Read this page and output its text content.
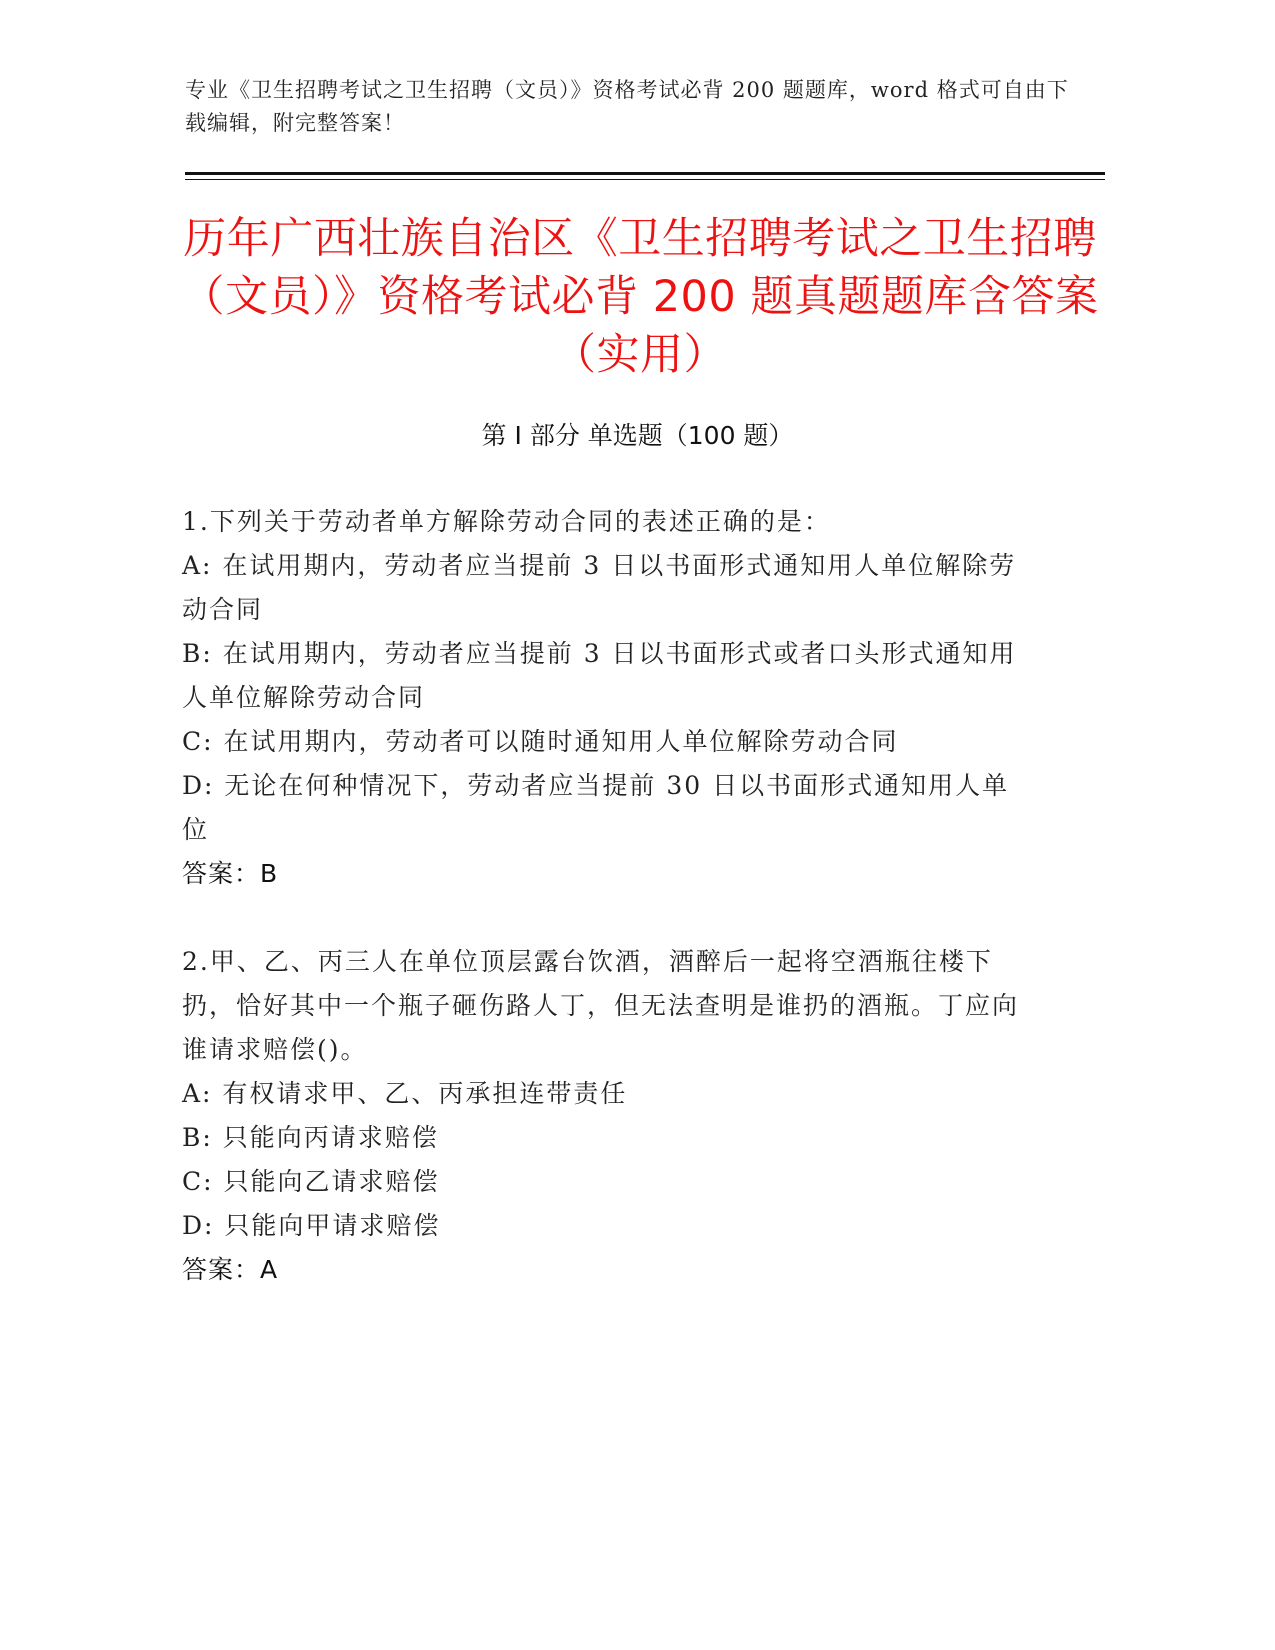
专业《卫生招聘考试之卫生招聘（文员）》资格考试必背 200 题题库，word 格式可自由下载编辑，附完整答案！
历年广西壮族自治区《卫生招聘考试之卫生招聘（文员）》资格考试必背 200 题真题题库含答案（实用）
第 I 部分 单选题（100 题）
1.下列关于劳动者单方解除劳动合同的表述正确的是：
A: 在试用期内，劳动者应当提前 3 日以书面形式通知用人单位解除劳动合同
B: 在试用期内，劳动者应当提前 3 日以书面形式或者口头形式通知用人单位解除劳动合同
C: 在试用期内，劳动者可以随时通知用人单位解除劳动合同
D: 无论在何种情况下，劳动者应当提前 30 日以书面形式通知用人单位
答案：B
2.甲、乙、丙三人在单位顶层露台饮酒，酒醉后一起将空酒瓶往楼下扔，恰好其中一个瓶子砸伤路人丁，但无法查明是谁扔的酒瓶。丁应向谁请求赔偿()。
A: 有权请求甲、乙、丙承担连带责任
B: 只能向丙请求赔偿
C: 只能向乙请求赔偿
D: 只能向甲请求赔偿
答案：A
